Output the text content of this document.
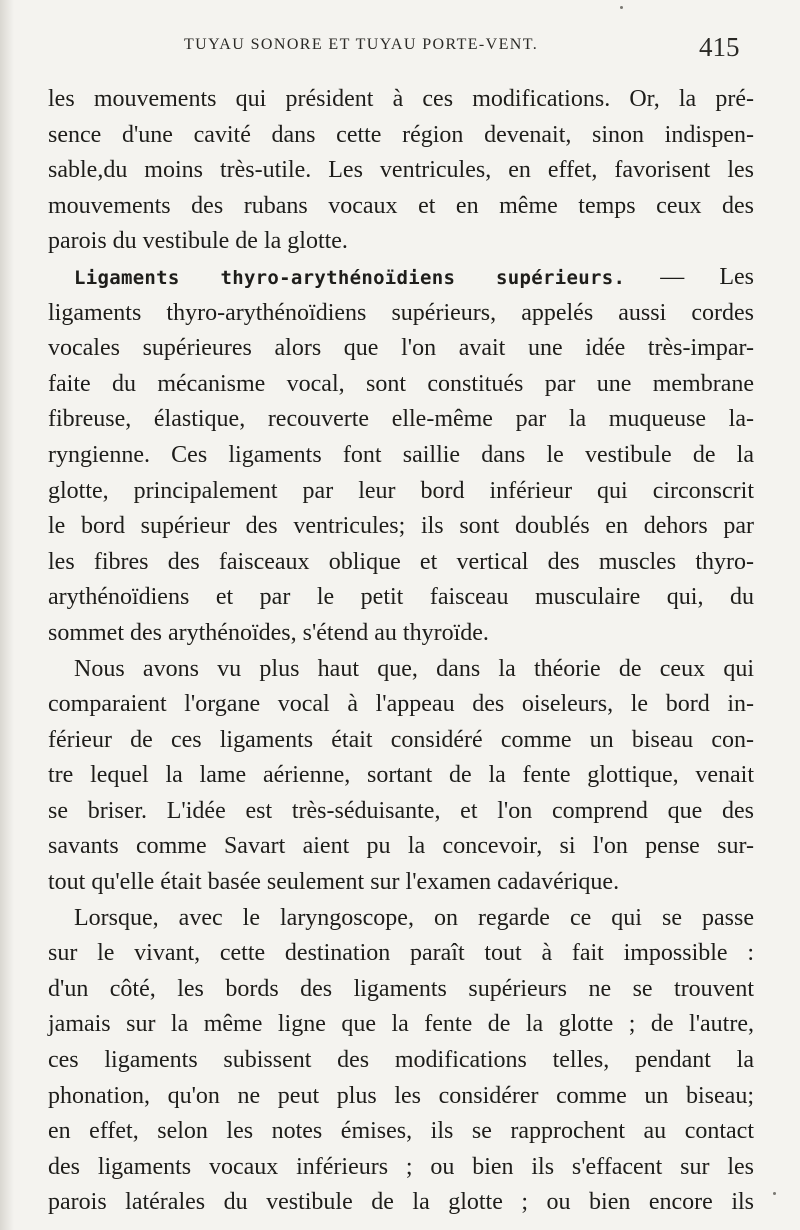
TUYAU SONORE ET TUYAU PORTE-VENT.	415
les mouvements qui président à ces modifications. Or, la pré-
sence d'une cavité dans cette région devenait, sinon indispen-
sable,du moins très-utile. Les ventricules, en effet, favorisent les
mouvements des rubans vocaux et en même temps ceux des
parois du vestibule de la glotte.
Ligaments thyro-arythénoïdiens supérieurs. — Les
ligaments thyro-arythénoïdiens supérieurs, appelés aussi cordes
vocales supérieures alors que l'on avait une idée très-impar-
faite du mécanisme vocal, sont constitués par une membrane
fibreuse, élastique, recouverte elle-même par la muqueuse la-
ryngienne. Ces ligaments font saillie dans le vestibule de la
glotte, principalement par leur bord inférieur qui circonscrit
le bord supérieur des ventricules; ils sont doublés en dehors par
les fibres des faisceaux oblique et vertical des muscles thyro-
arythénoïdiens et par le petit faisceau musculaire qui, du
sommet des arythénoïdes, s'étend au thyroïde.
Nous avons vu plus haut que, dans la théorie de ceux qui
comparaient l'organe vocal à l'appeau des oiseleurs, le bord in-
férieur de ces ligaments était considéré comme un biseau con-
tre lequel la lame aérienne, sortant de la fente glottique, venait
se briser. L'idée est très-séduisante, et l'on comprend que des
savants comme Savart aient pu la concevoir, si l'on pense sur-
tout qu'elle était basée seulement sur l'examen cadavérique.
Lorsque, avec le laryngoscope, on regarde ce qui se passe
sur le vivant, cette destination paraît tout à fait impossible :
d'un côté, les bords des ligaments supérieurs ne se trouvent
jamais sur la même ligne que la fente de la glotte ; de l'autre,
ces ligaments subissent des modifications telles, pendant la
phonation, qu'on ne peut plus les considérer comme un biseau;
en effet, selon les notes émises, ils se rapprochent au contact
des ligaments vocaux inférieurs ; ou bien ils s'effacent sur les
parois latérales du vestibule de la glotte ; ou bien encore ils
